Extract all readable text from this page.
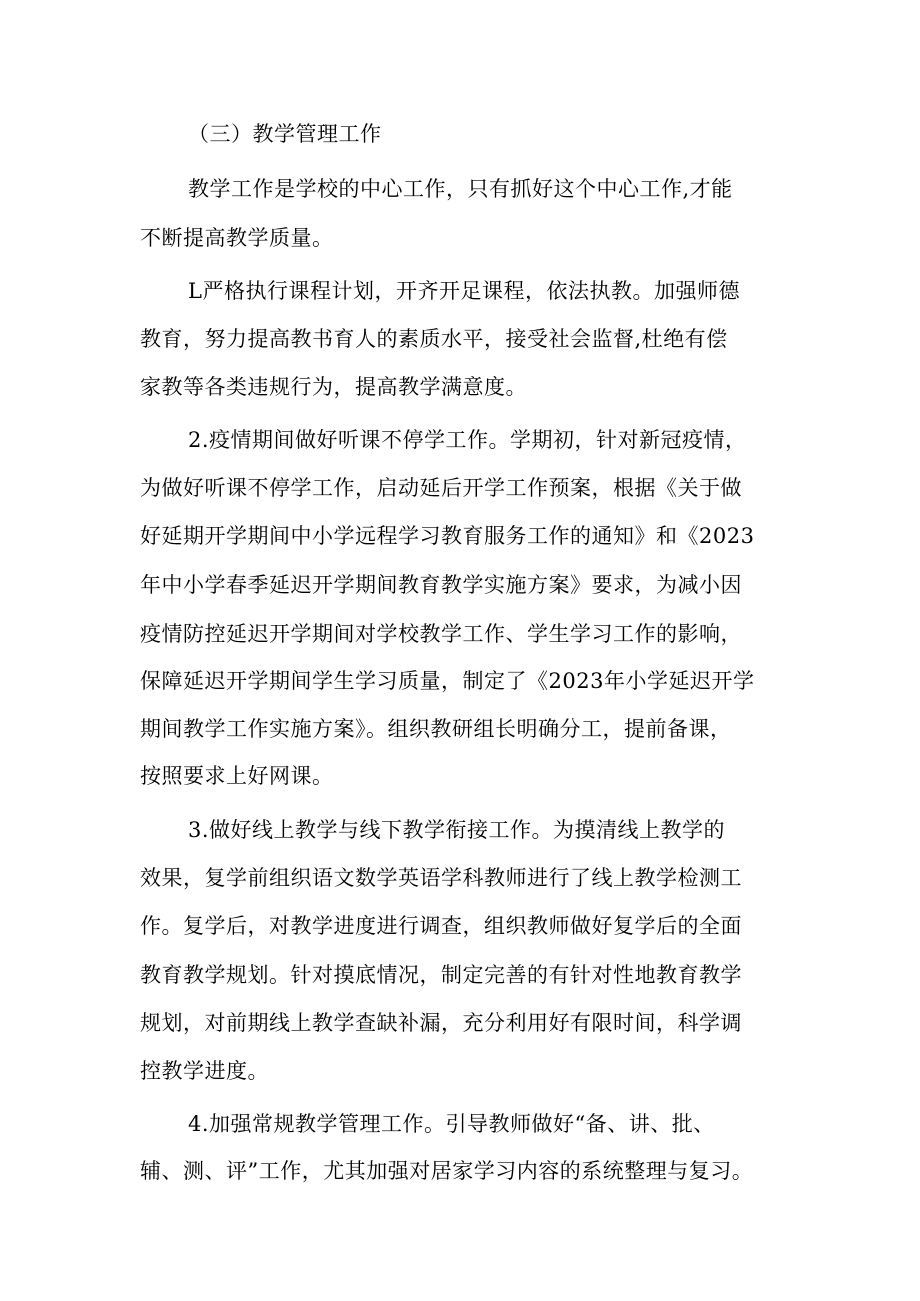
（三）教学管理工作
教学工作是学校的中心工作，只有抓好这个中心工作,才能
不断提高教学质量。
L严格执行课程计划，开齐开足课程，依法执教。加强师德
教育，努力提高教书育人的素质水平，接受社会监督,杜绝有偿
家教等各类违规行为，提高教学满意度。
2.疫情期间做好听课不停学工作。学期初，针对新冠疫情，
为做好听课不停学工作，启动延后开学工作预案，根据《关于做
好延期开学期间中小学远程学习教育服务工作的通知》和《2023
年中小学春季延迟开学期间教育教学实施方案》要求，为减小因
疫情防控延迟开学期间对学校教学工作、学生学习工作的影响，
保障延迟开学期间学生学习质量，制定了《2023年小学延迟开学
期间教学工作实施方案》。组织教研组长明确分工，提前备课，
按照要求上好网课。
3.做好线上教学与线下教学衔接工作。为摸清线上教学的
效果，复学前组织语文数学英语学科教师进行了线上教学检测工
作。复学后，对教学进度进行调查，组织教师做好复学后的全面
教育教学规划。针对摸底情况，制定完善的有针对性地教育教学
规划，对前期线上教学查缺补漏，充分利用好有限时间，科学调
控教学进度。
4.加强常规教学管理工作。引导教师做好“备、讲、批、
辅、测、评”工作，尤其加强对居家学习内容的系统整理与复习。
